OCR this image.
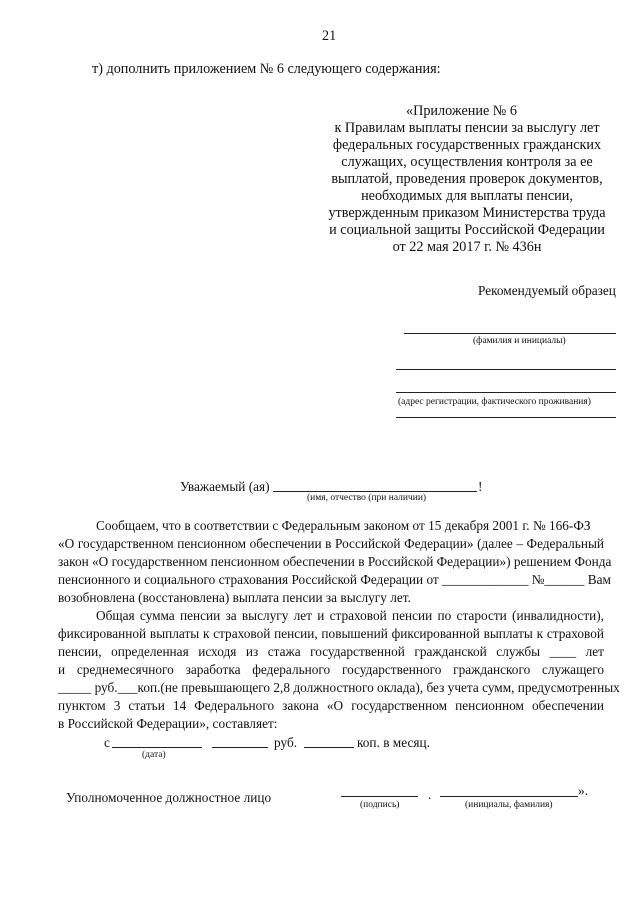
21
т) дополнить приложением № 6 следующего содержания:
«Приложение № 6
к Правилам выплаты пенсии за выслугу лет
федеральных государственных гражданских
служащих, осуществления контроля за ее
выплатой, проведения проверок документов,
необходимых для выплаты пенсии,
утвержденным приказом Министерства труда
и социальной защиты Российской Федерации
от 22 мая 2017 г. № 436н
Рекомендуемый образец
(фамилия и инициалы)
(адрес регистрации, фактического проживания)
Уважаемый (ая)	!
(имя, отчество (при наличии)
Сообщаем, что в соответствии с Федеральным законом от 15 декабря 2001 г. № 166-ФЗ
«О государственном пенсионном обеспечении в Российской Федерации» (далее – Федеральный
закон «О государственном пенсионном обеспечении в Российской Федерации») решением Фонда
пенсионного и социального страхования Российской Федерации от _____________ №______ Вам
возобновлена (восстановлена) выплата пенсии за выслугу лет.
Общая сумма пенсии за выслугу лет и страховой пенсии по старости (инвалидности),
фиксированной выплаты к страховой пенсии, повышений фиксированной выплаты к страховой
пенсии, определенная исходя из стажа государственной гражданской службы ____ лет
и среднемесячного заработка федерального государственного гражданского служащего
_____ руб.___коп.(не превышающего 2,8 должностного оклада), без учета сумм, предусмотренных
пунктом 3 статьи 14 Федерального закона «О государственном пенсионном обеспечении
в Российской Федерации», составляет:
с	руб.	коп. в месяц.
(дата)
Уполномоченное должностное лицо	».
.
(подпись)	(инициалы, фамилия)
